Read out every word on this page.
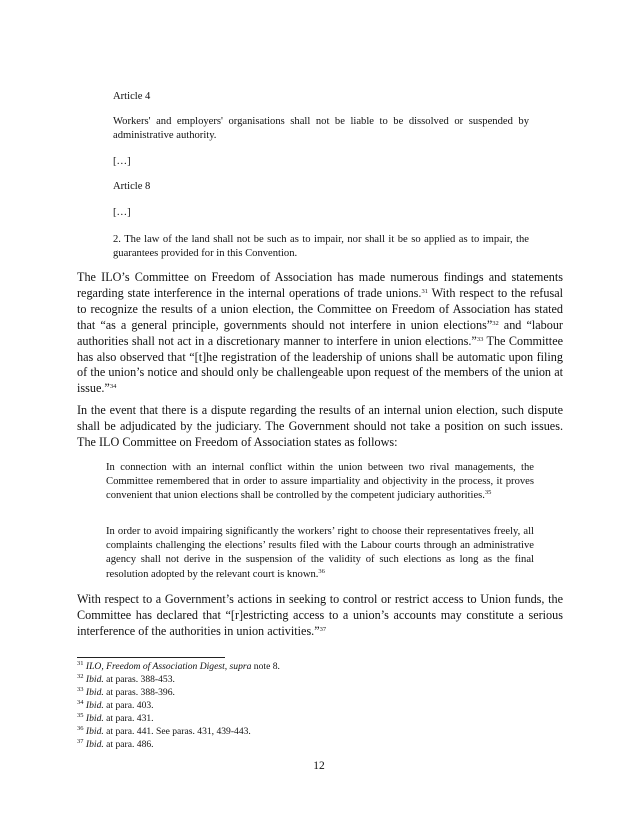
Article 4

Workers' and employers' organisations shall not be liable to be dissolved or suspended by administrative authority.

[…]

Article 8

[…]

2. The law of the land shall not be such as to impair, nor shall it be so applied as to impair, the guarantees provided for in this Convention.

The ILO’s Committee on Freedom of Association has made numerous findings and statements regarding state interference in the internal operations of trade unions.$^{31}$ With respect to the refusal to recognize the results of a union election, the Committee on Freedom of Association has stated that “as a general principle, governments should not interfere in union elections”$^{32}$ and “labour authorities shall not act in a discretionary manner to interfere in union elections.”$^{33}$ The Committee has also observed that “[t]he registration of the leadership of unions shall be automatic upon filing of the union’s notice and should only be challengeable upon request of the members of the union at issue.”$^{34}$

In the event that there is a dispute regarding the results of an internal union election, such dispute shall be adjudicated by the judiciary. The Government should not take a position on such issues. The ILO Committee on Freedom of Association states as follows:

In connection with an internal conflict within the union between two rival managements, the Committee remembered that in order to assure impartiality and objectivity in the process, it proves convenient that union elections shall be controlled by the competent judiciary authorities.$^{35}$

In order to avoid impairing significantly the workers’ right to choose their representatives freely, all complaints challenging the elections’ results filed with the Labour courts through an administrative agency shall not derive in the suspension of the validity of such elections as long as the final resolution adopted by the relevant court is known.$^{36}$

With respect to a Government’s actions in seeking to control or restrict access to Union funds, the Committee has declared that “[r]estricting access to a union’s accounts may constitute a serious interference of the authorities in union activities.”$^{37}$

$^{31}$ ILO, Freedom of Association Digest, supra note 8.

$^{32}$ Ibid. at paras. 388-453.

$^{33}$ Ibid. at paras. 388-396.

$^{34}$ Ibid. at para. 403.

$^{35}$ Ibid. at para. 431.

$^{36}$ Ibid. at para. 441. See paras. 431, 439-443.

$^{37}$ Ibid. at para. 486.

12
